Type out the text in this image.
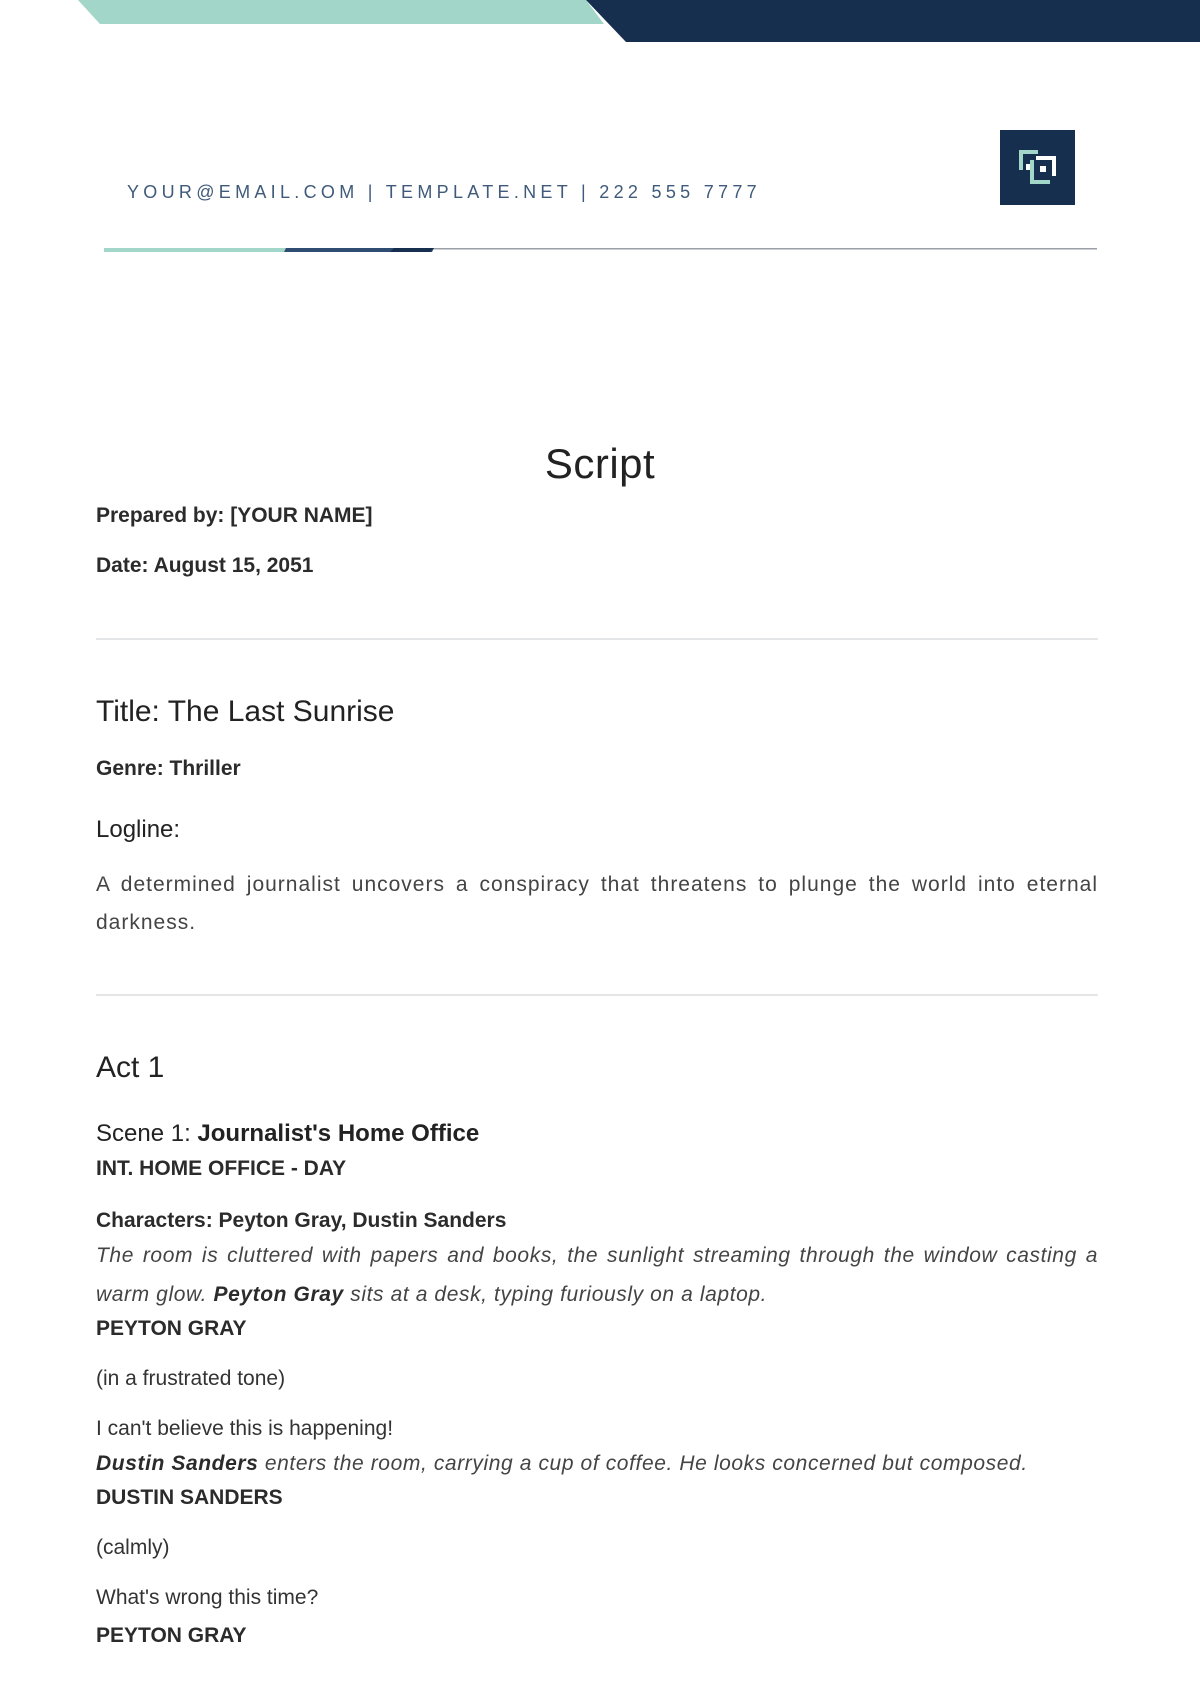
YOUR@EMAIL.COM | TEMPLATE.NET | 222 555 7777
Script

Prepared by: [YOUR NAME]

Date: August 15, 2051

Title: The Last Sunrise

Genre: Thriller

Logline:

A determined journalist uncovers a conspiracy that threatens to plunge the world into eternal darkness.

Act 1

Scene 1: Journalist's Home Office

INT. HOME OFFICE - DAY

Characters: Peyton Gray, Dustin Sanders

The room is cluttered with papers and books, the sunlight streaming through the window casting a warm glow. Peyton Gray sits at a desk, typing furiously on a laptop.

PEYTON GRAY

(in a frustrated tone)

I can't believe this is happening!

Dustin Sanders enters the room, carrying a cup of coffee. He looks concerned but composed.

DUSTIN SANDERS

(calmly)

What's wrong this time?

PEYTON GRAY
